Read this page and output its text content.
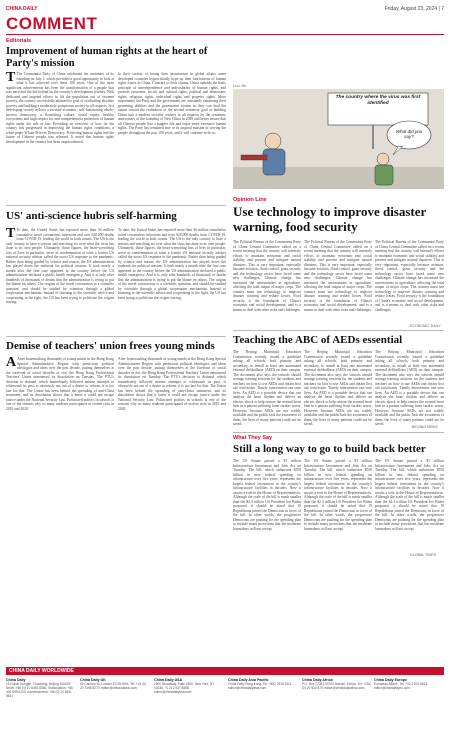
CHINA DAILY	Friday, August 23, 2024 | 7
COMMENT
Editorials
Improvement of human rights at the heart of Party's mission
T The Communist Party of China celebrated the centenary of its founding on July 1, which provided a good opportunity to look at what it has achieved over these 100 years. One of the most significant achievements has been the transformation of a people that was once and the left behind on the country's development journey. With dedicated and targeted efforts to lift the population out of extreme poverty, the country successfully attained its goal of eradicating absolute poverty and building a moderately prosperous society in all respects. In a developing society reflects a focused economic, self-functioning whole-process democracy, a flourishing culture, social equity, healthy ecosystems and high respect for and comprehensive protection of human rights under the rule of law. Providing an overview of how far the country has progressed in improving the human rights conditions, a white paper Whole-Process Democracy, Protecting human rights and the future of Chinese people was released. It noted that human rights development in the country has been unprecedented.
In their society of losing their prominence in global affairs some developed countries hypocritically hype up their fabrications of human rights issues in China. Contrary to their claims, China upholds the basic principle of interdependence and indivisibility of human rights, and protects economic, social, and cultural rights, political and democratic rights, religious rights, individual rights and property rights. More importantly the Party and the government are constantly enhancing their governing abilities and the governance system so they can lead the nation toward the realization of the second centenary goal of building China into a modern socialist country in all respects by the centenary anniversary of the founding of New China in 2049 and better ensure that all Chinese people live a happier life and enjoy more extensive human rights. The Party has remained true to its original mission of serving the people throughout the past 100 years, and it will continue to do so.
Luo Jie
The country where the virus was first identified
What did you say?
Opinion Line
Use technology to improve disaster warning, food security
The Political Bureau of the Communist Party of China Central Committee called on a recent meeting that the country will intensify efforts to maintain economic and social stability and prevent and mitigate natural disasters. This is very important, especially because aviation, flood control, grain security and the technology sector have faced some new challenges. Climate change has increased the uncertainties in agriculture, affecting the total output of major crops. The country must use technology to improve disaster warning and reduce losses. Food security is the foundation of China's economic and social development, and is a means to deal with other risks and challenges.
The Political Bureau of the Communist Party of China Central Committee called on a recent meeting that the country will intensify efforts to maintain economic and social stability and prevent and mitigate natural disasters. This is very important, especially because aviation, flood control, grain security and the technology sector have faced some new challenges. Climate change has increased the uncertainties in agriculture, affecting the total output of major crops. The country must use technology to improve disaster warning and reduce losses. Food security is the foundation of China's economic and social development, and is a means to deal with other risks and challenges.
The Political Bureau of the Communist Party of China Central Committee called on a recent meeting that the country will intensify efforts to maintain economic and social stability and prevent and mitigate natural disasters. This is very important, especially because aviation, flood control, grain security and the technology sector have faced some new challenges. Climate change has increased the uncertainties in agriculture, affecting the total output of major crops. The country must use technology to improve disaster warning and reduce losses. Food security is the foundation of China's economic and social development, and is a means to deal with other risks and challenges.
ECONOMIC DAILY
US' anti-science hubris self-harming
T To date, the United States has reported more than 36 million cumulative novel coronavirus infections and over 620,000 deaths from COVID-19, leading the world in both counts. The US is the only country to have a serious and searching act over what the virus has done to its own people. Ultimately, those figures, the heart-wrenching loss of lives in particular, serve as condemnation of what a former US national security adviser called the worst US response to the pandemic. Rather than being guided by science and reason, the US administration has played down the outbreak for political reasons. It took nearly a month after the first case appeared in the country before the US administration declared a public health emergency. And it is only after hundreds of thousands of deaths that the administration is trying to put the blame on others. The origins of the novel coronavirus is a scientific question, and should be studied by scientists through a global cooperation mechanism. Instead of listening to the scientific advice and cooperating in the fight, the US has been trying to politicize the origins tracing.
To date, the United States has reported more than 36 million cumulative novel coronavirus infections and over 620,000 deaths from COVID-19, leading the world in both counts. The US is the only country to have a serious and searching act over what the virus has done to its own people. Ultimately, those figures, the heart-wrenching loss of lives in particular, serve as condemnation of what a former US national security adviser called the worst US response to the pandemic. Rather than being guided by science and reason, the US administration has played down the outbreak for political reasons. It took nearly a month after the first case appeared in the country before the US administration declared a public health emergency. And it is only after hundreds of thousands of deaths that the administration is trying to put the blame on others. The origins of the novel coronavirus is a scientific question, and should be studied by scientists through a global cooperation mechanism. Instead of listening to the scientific advice and cooperating in the fight, the US has been trying to politicize the origins tracing.
Demise of teachers' union frees young minds
A After brainwashing thousands of young minds in the Hong Kong Special Administrative Region with pernicious political ideologies and ideas over the past decade, putting themselves at the forefront of social disorder or riot, the Hong Kong Professional Teachers' Union announced its dissolution on Tuesday. The PTU's decision to disband, which immediately followed intense attempts to whitewash its past, is obviously not out of a desire to reform: it is too late for that. The Union has been behind the spreading of anti-China sentiment, and its dissolution shows that it knew it could not escape justice under the National Security Law. Politicized politics in schools is one of the reasons why so many students participated in violent riots in 2019 and 2020.
After brainwashing thousands of young minds in the Hong Kong Special Administrative Region with pernicious political ideologies and ideas over the past decade, putting themselves at the forefront of social disorder or riot, the Hong Kong Professional Teachers' Union announced its dissolution on Tuesday. The PTU's decision to disband, which immediately followed intense attempts to whitewash its past, is obviously not out of a desire to reform: it is too late for that. The Union has been behind the spreading of anti-China sentiment, and its dissolution shows that it knew it could not escape justice under the National Security Law. Politicized politics in schools is one of the reasons why so many students participated in violent riots in 2019 and 2020.
Teaching the ABC of AEDs essential
The Beijing Municipal Education Commission recently issued a guideline asking all schools, both primary and secondary, to install at least one automated external defibrillator (AED) on their campus. The document also says the schools should arrange training sessions for the students and teachers on how to use AEDs and obtain first aid certificates. Timely intervention can save lives. An AED is a portable device that can analyze the heart rhythm and deliver an electric shock to help restore the normal heart beat in a patient suffering from cardiac arrest. However, because AEDs are not widely available and the public lack the awareness of them, the lives of many patients could not be saved.
The Beijing Municipal Education Commission recently issued a guideline asking all schools, both primary and secondary, to install at least one automated external defibrillator (AED) on their campus. The document also says the schools should arrange training sessions for the students and teachers on how to use AEDs and obtain first aid certificates. Timely intervention can save lives. An AED is a portable device that can analyze the heart rhythm and deliver an electric shock to help restore the normal heart beat in a patient suffering from cardiac arrest. However, because AEDs are not widely available and the public lack the awareness of them, the lives of many patients could not be saved.
The Beijing Municipal Education Commission recently issued a guideline asking all schools, both primary and secondary, to install at least one automated external defibrillator (AED) on their campus. The document also says the schools should arrange training sessions for the students and teachers on how to use AEDs and obtain first aid certificates. Timely intervention can save lives. An AED is a portable device that can analyze the heart rhythm and deliver an electric shock to help restore the normal heart beat in a patient suffering from cardiac arrest. However, because AEDs are not widely available and the public lack the awareness of them, the lives of many patients could not be saved.
BEIJING NEWS
What They Say
Still a long way to go to build back better
The US Senate passed a $1 trillion Infrastructure Investment and Jobs Act on Tuesday. The bill, which authorizes $550 billion in new federal spending on infrastructure over five years, represents the largest federal investment in the country's infrastructure facilities in decades. Now it awaits a vote in the House of Representatives. Although the scale of the bill is much smaller than the $2.3 trillion US President Joe Biden proposed, it should be noted that 19 Republicans joined the Democrats in favor of the bill. In other words, the progressive Democrats are pushing for the spending plan to include many provisions that the moderate lawmakers will not accept.
The US Senate passed a $1 trillion Infrastructure Investment and Jobs Act on Tuesday. The bill, which authorizes $550 billion in new federal spending on infrastructure over five years, represents the largest federal investment in the country's infrastructure facilities in decades. Now it awaits a vote in the House of Representatives. Although the scale of the bill is much smaller than the $2.3 trillion US President Joe Biden proposed, it should be noted that 19 Republicans joined the Democrats in favor of the bill. In other words, the progressive Democrats are pushing for the spending plan to include many provisions that the moderate lawmakers will not accept.
The US Senate passed a $1 trillion Infrastructure Investment and Jobs Act on Tuesday. The bill, which authorizes $550 billion in new federal spending on infrastructure over five years, represents the largest federal investment in the country's infrastructure facilities in decades. Now it awaits a vote in the House of Representatives. Although the scale of the bill is much smaller than the $2.3 trillion US President Joe Biden proposed, it should be noted that 19 Republicans joined the Democrats in favor of the bill. In other words, the progressive Democrats are pushing for the spending plan to include many provisions that the moderate lawmakers will not accept.
GLOBAL TIMES
CHINA DAILY WORLDWIDE
China Daily
15 Huixin Dongjie, Chaoyang, Beijing 100029. News: +86 (0) 10 6491 8366. Subscription: +86 400 699 0203. Advertisement: +86 (0) 10 6491 8631
China Daily UK
90 Cannon St, London EC4N 6HA. Tel: +44 (0) 20 7398 8270. editor@chinadailyuk.com
China Daily USA
1500 Broadway, Suite 2800, New York, NY 10036. +1 212 537 8888. editor@chinadailyusa.com
China Daily Asia Pacific
China Daily Hong Kong. Tel: +852 2518 5111. editor@chinadailyasia.com
China Daily Africa
P.O. Box 27281-00100 Nairobi, Kenya. Tel: +254 (0) 20 522 675. editor@chinadailyafrica.com
China Daily Europe
European Affairs. Tel: +32 2 503 6813. editor@chinadailyeu.com
